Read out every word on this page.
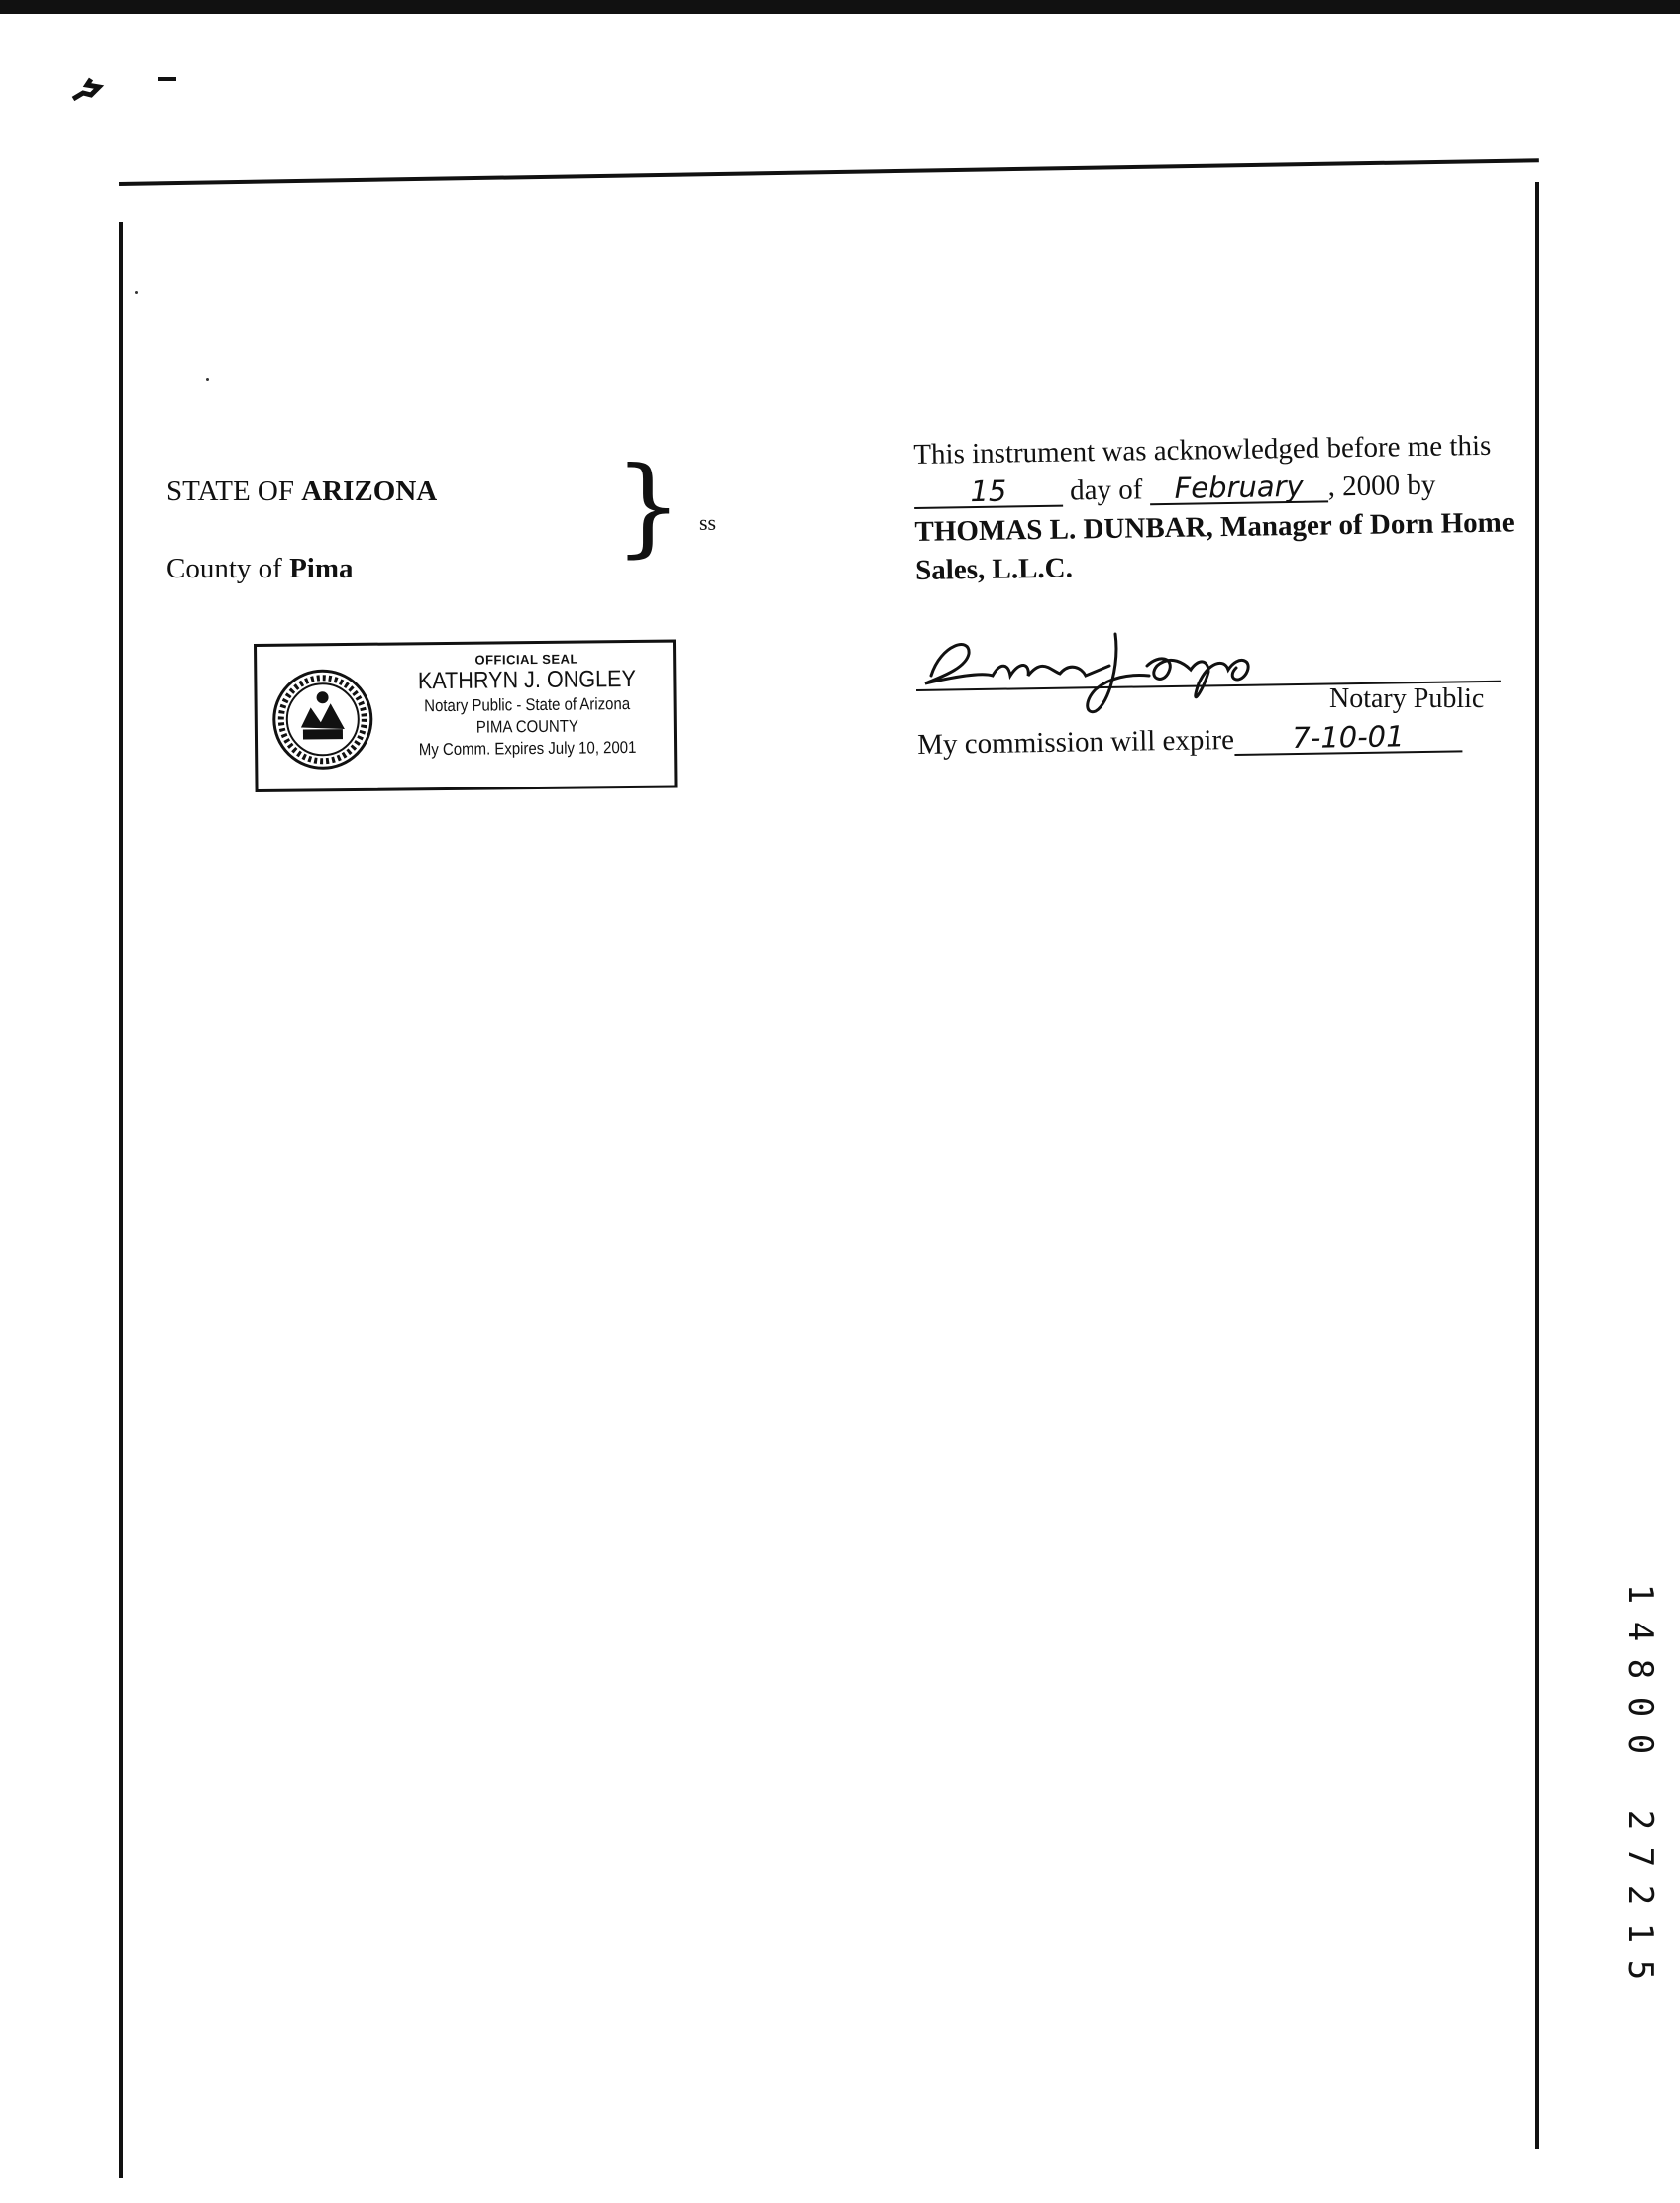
STATE OF ARIZONA
County of Pima } ss
This instrument was acknowledged before me this
15 day of February , 2000 by
THOMAS L. DUNBAR, Manager of Dorn Home Sales, L.L.C.
Notary Public
My commission will expire 7-10-01
OFFICIAL SEAL
KATHRYN J. ONGLEY
Notary Public - State of Arizona
PIMA COUNTY
My Comm. Expires July 10, 2001
1
4
8
0
0

2
7
2
1
5
